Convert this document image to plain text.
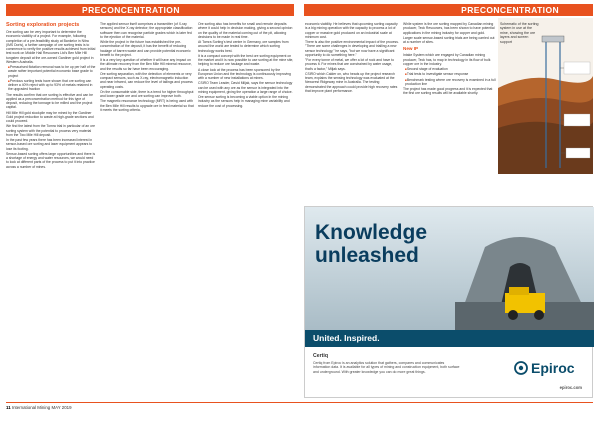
PRECONCENTRATION	PRECONCENTRATION
Sorting exploration projects

Ore sorting can be very important to determine the economic viability of a project. For example, following completion of a pre-feasibility study at Bankelor in Nitra (IMS Doris), a further campaign of ore sorting tests is to commence to verify the positive results achieved from initial test work on Middle Hail Resources Ltd's Ben Mile Hill tungsten deposit at the ore-owned Gardiner gold project in Western Australia.

■ Pressurised flotation removal was to be up per half of the waste rather important potential economic base grade to project

■ Previous sorting tests have shown that ore sorting can deliver a 40% reject with up to 93% of metals retained in the upgraded fraction

The results confirm that ore sorting is effective and can be applied as a preconcentration method for this type of deposit, reducing the tonnage to be milled and the project capital.

Hill Mile Hill gold stockpile may be mined by the Gardiner Gold project reduction to waste at high-grade sections and could proceed.

We find the latest from the Tomra trial in particular of an ore sorting system with the potential to process very material from the Two Mile Hill deposit.

In the past few years there has been increased interest in sensor-based ore sorting and laser equipment appears to lose its footing.

Sensor-based sorting offers large opportunities and there is a shortage of energy and water resources, we would need to look at different parts of the process to put it into practice across a number of mines.

The applied sensor itself comprises a transmitter (of X-ray sensors) and the X-ray detector; the appropriate classification software then can recognise particle grades which is later fed to the ejection of the material.

While the project in the future has established the pre-concentration of the deposit, it has the benefit of reducing haulage of barren waste and can provide potential economic benefit to the project.

It is a very key question of whether it will have any impact on the ultimate recovery from the Ben Mile Hill mineral resource, and the results so far have been encouraging.

Ore sorting separation, with the detection of elements or very compact sensors, such as X-ray, electromagnetic induction and near infrared, can reduce the level of tailings and process operating costs.

On the consumable side, there is a trend for higher throughput and lower grade ore and ore sorting can improve both.

The magnetic resonance technology (MRT) is being used with the Ben Mile Hill results to upgrade ore in feed material so that it meets the sorting criteria.

Ore sorting also has benefits for small and remote deposits where it could help in decision making, giving a second opinion on the quality of the material coming out of the pit, allowing decisions to be made in real time.

At Tomra Sorting's test centre in Germany, ore samples from around the world are tested to determine which sorting technology works best.

It is a compact concept with the best ore sorting equipment on the market and it is now possible to use sorting at the mine site, helping to reduce ore haulage and waste.

A close look at the process has been sponsored by the European Union and the technology is continuously improving with a number of new installations at mines.

CSIRO Team Leader, David Miljak, says the sensor technology can be used with any ore as the sensor is integrated into the mining equipment, giving the operation a large range of choice.

Ore sensor sorting is becoming a viable option in the mining industry as the sensors help in managing mine variability and reduce the cost of processing.

economic viability. He believes that upcoming sorting capacity is a big mining operation with the capacity to process a lot of copper or massive gold produced on an industrial scale at minimum cost.

There is also the positive environmental impact of the process. "There are some challenges in developing and trialling a new sensor technology," he says, "but we now have a significant opportunity to do something here."

"For every tonne of metal, we offer a lot of rock and have to process it. For mines that are constrained by water usage, that's a factor," Miljak says.

CSIRO which Calder on, who heads up the project research team, explains the sensing technology was evaluated at the Newcrest Ridgeway mine in Australia. The testing demonstrated the approach could provide high recovery rates that improve plant performance.

While system is the ore sorting mapped by Canadian mining producer, Teck Resources, has been shown to have potential applications in the mining industry for copper and gold.

Larger scale sensor-based sorting trials are being carried out at a number of sites.

New IP

Intake System which are engaged by Canadian mining producer, Teck has, to map in technology in its flow of bulk copper ore in the industry.

■ Second stage of evaluation

■ Trial tests to investigate sensor response

■ Benchmark testing where ore recovery is examined in a full production line

The project has made good progress and it is expected that the first ore sorting results will be available shortly.

Schematic of the sorting system in use at the mine, showing the ore layers and screen support
Knowledge
unleashed
United. Inspired.
Certiq
Certiq from Epiroc is an analytics solution that gathers, compares and communicates information data. It is available for all types of mining and construction equipment, both surface and underground. With greater knowledge you can do more great things.	Epiroc
epiroc.com
11 International Mining MAY 2019
